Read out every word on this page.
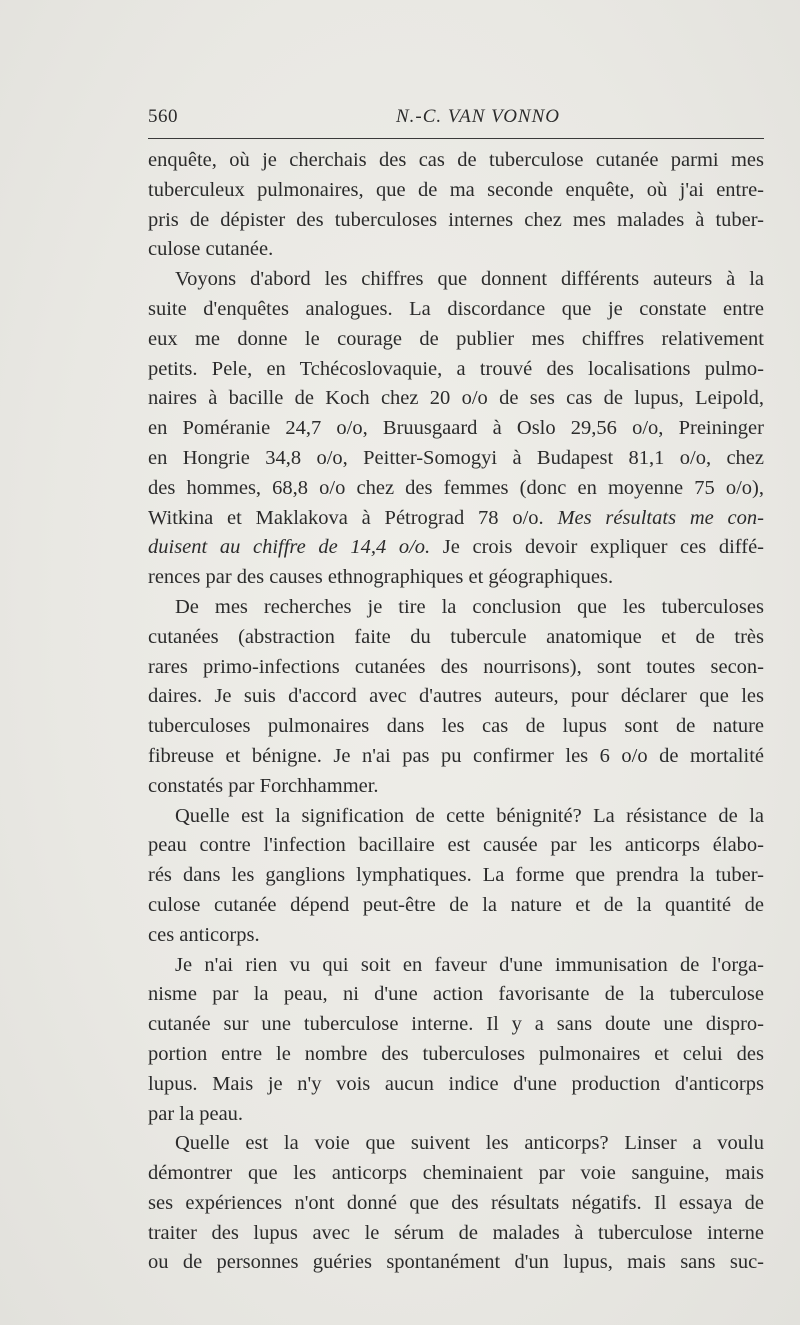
560	N.-C. VAN VONNO
enquête, où je cherchais des cas de tuberculose cutanée parmi mes
tuberculeux pulmonaires, que de ma seconde enquête, où j'ai entre-
pris de dépister des tuberculoses internes chez mes malades à tuber-
culose cutanée.
Voyons d'abord les chiffres que donnent différents auteurs à la
suite d'enquêtes analogues. La discordance que je constate entre
eux me donne le courage de publier mes chiffres relativement
petits. Pele, en Tchécoslovaquie, a trouvé des localisations pulmo-
naires à bacille de Koch chez 20 o/o de ses cas de lupus, Leipold,
en Poméranie 24,7 o/o, Bruusgaard à Oslo 29,56 o/o, Preininger
en Hongrie 34,8 o/o, Peitter-Somogyi à Budapest 81,1 o/o, chez
des hommes, 68,8 o/o chez des femmes (donc en moyenne 75 o/o),
Witkina et Maklakova à Pétrograd 78 o/o. Mes résultats me con-
duisent au chiffre de 14,4 o/o. Je crois devoir expliquer ces diffé-
rences par des causes ethnographiques et géographiques.
De mes recherches je tire la conclusion que les tuberculoses
cutanées (abstraction faite du tubercule anatomique et de très
rares primo-infections cutanées des nourrisons), sont toutes secon-
daires. Je suis d'accord avec d'autres auteurs, pour déclarer que les
tuberculoses pulmonaires dans les cas de lupus sont de nature
fibreuse et bénigne. Je n'ai pas pu confirmer les 6 o/o de mortalité
constatés par Forchhammer.
Quelle est la signification de cette bénignité? La résistance de la
peau contre l'infection bacillaire est causée par les anticorps élabo-
rés dans les ganglions lymphatiques. La forme que prendra la tuber-
culose cutanée dépend peut-être de la nature et de la quantité de
ces anticorps.
Je n'ai rien vu qui soit en faveur d'une immunisation de l'orga-
nisme par la peau, ni d'une action favorisante de la tuberculose
cutanée sur une tuberculose interne. Il y a sans doute une dispro-
portion entre le nombre des tuberculoses pulmonaires et celui des
lupus. Mais je n'y vois aucun indice d'une production d'anticorps
par la peau.
Quelle est la voie que suivent les anticorps? Linser a voulu
démontrer que les anticorps cheminaient par voie sanguine, mais
ses expériences n'ont donné que des résultats négatifs. Il essaya de
traiter des lupus avec le sérum de malades à tuberculose interne
ou de personnes guéries spontanément d'un lupus, mais sans suc-
